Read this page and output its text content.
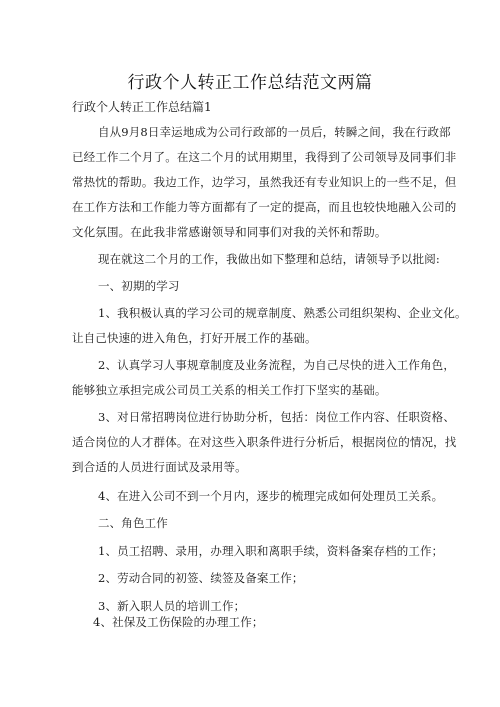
行政个人转正工作总结范文两篇
行政个人转正工作总结篇1
自从9月8日幸运地成为公司行政部的一员后，转瞬之间，我在行政部
已经工作二个月了。在这二个月的试用期里，我得到了公司领导及同事们非
常热忱的帮助。我边工作，边学习，虽然我还有专业知识上的一些不足，但
在工作方法和工作能力等方面都有了一定的提高，而且也较快地融入公司的
文化氛围。在此我非常感谢领导和同事们对我的关怀和帮助。
现在就这二个月的工作，我做出如下整理和总结，请领导予以批阅:
一、初期的学习
1、我积极认真的学习公司的规章制度、熟悉公司组织架构、企业文化。
让自己快速的进入角色，打好开展工作的基础。
2、认真学习人事规章制度及业务流程，为自己尽快的进入工作角色，
能够独立承担完成公司员工关系的相关工作打下坚实的基础。
3、对日常招聘岗位进行协助分析，包括：岗位工作内容、任职资格、
适合岗位的人才群体。在对这些入职条件进行分析后，根据岗位的情况，找
到合适的人员进行面试及录用等。
4、在进入公司不到一个月内，逐步的梳理完成如何处理员工关系。
二、角色工作
1、员工招聘、录用，办理入职和离职手续，资料备案存档的工作；
2、劳动合同的初签、续签及备案工作；
3、新入职人员的培训工作；
4、社保及工伤保险的办理工作；
